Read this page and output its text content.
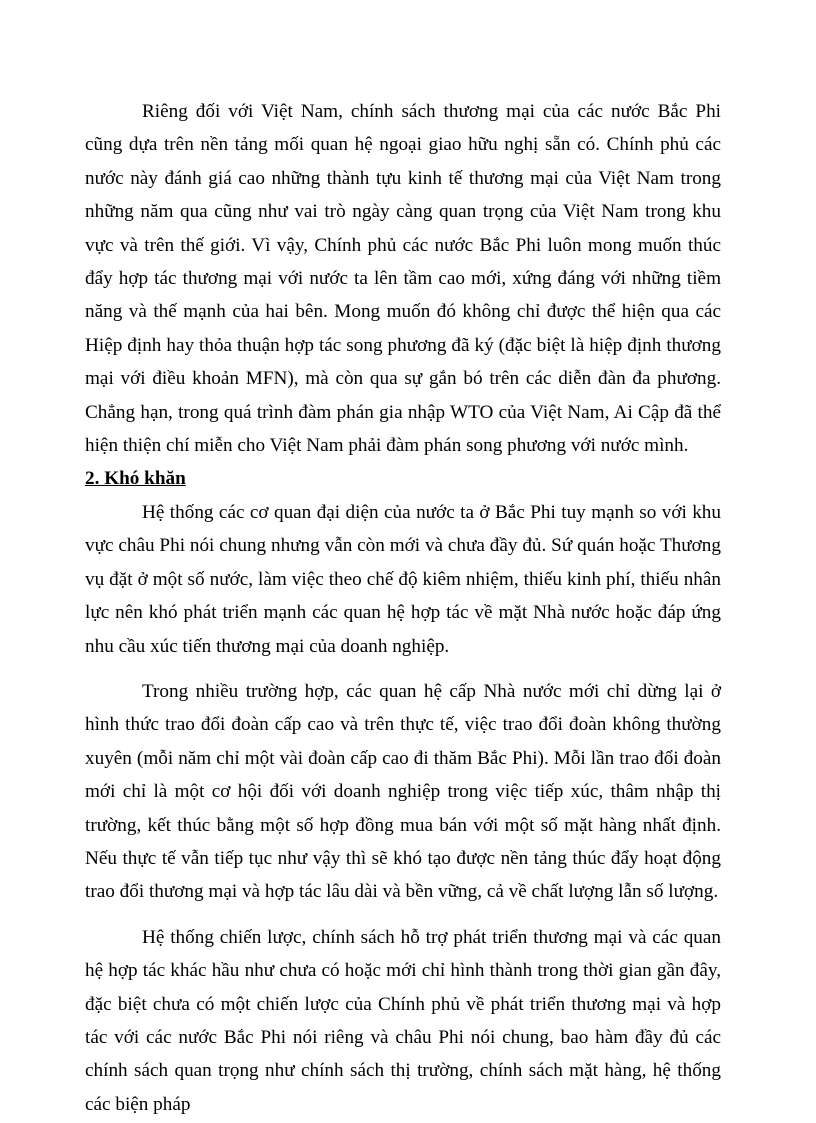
Riêng đối với Việt Nam, chính sách thương mại của các nước Bắc Phi cũng dựa trên nền tảng mối quan hệ ngoại giao hữu nghị sẵn có. Chính phủ các nước này đánh giá cao những thành tựu kinh tế thương mại của Việt Nam trong những năm qua cũng như vai trò ngày càng quan trọng của Việt Nam trong khu vực và trên thế giới. Vì vậy, Chính phủ các nước Bắc Phi luôn mong muốn thúc đẩy hợp tác thương mại với nước ta lên tầm cao mới, xứng đáng với những tiềm năng và thế mạnh của hai bên. Mong muốn đó không chỉ được thể hiện qua các Hiệp định hay thỏa thuận hợp tác song phương đã ký (đặc biệt là hiệp định thương mại với điều khoản MFN), mà còn qua sự gắn bó trên các diễn đàn đa phương. Chẳng hạn, trong quá trình đàm phán gia nhập WTO của Việt Nam, Ai Cập đã thể hiện thiện chí miễn cho Việt Nam phải đàm phán song phương với nước mình.

2. Khó khăn

Hệ thống các cơ quan đại diện của nước ta ở Bắc Phi tuy mạnh so với khu vực châu Phi nói chung nhưng vẫn còn mới và chưa đầy đủ. Sứ quán hoặc Thương vụ đặt ở một số nước, làm việc theo chế độ kiêm nhiệm, thiếu kinh phí, thiếu nhân lực nên khó phát triển mạnh các quan hệ hợp tác về mặt Nhà nước hoặc đáp ứng nhu cầu xúc tiến thương mại của doanh nghiệp.

Trong nhiều trường hợp, các quan hệ cấp Nhà nước mới chỉ dừng lại ở hình thức trao đổi đoàn cấp cao và trên thực tế, việc trao đổi đoàn không thường xuyên (mỗi năm chỉ một vài đoàn cấp cao đi thăm Bắc Phi). Mỗi lần trao đổi đoàn mới chỉ là một cơ hội đối với doanh nghiệp trong việc tiếp xúc, thâm nhập thị trường, kết thúc bằng một số hợp đồng mua bán với một số mặt hàng nhất định. Nếu thực tế vẫn tiếp tục như vậy thì sẽ khó tạo được nền tảng thúc đẩy hoạt động trao đổi thương mại và hợp tác lâu dài và bền vững, cả về chất lượng lẫn số lượng.

Hệ thống chiến lược, chính sách hỗ trợ phát triển thương mại và các quan hệ hợp tác khác hầu như chưa có hoặc mới chỉ hình thành trong thời gian gần đây, đặc biệt chưa có một chiến lược của Chính phủ về phát triển thương mại và hợp tác với các nước Bắc Phi nói riêng và châu Phi nói chung, bao hàm đầy đủ các chính sách quan trọng như chính sách thị trường, chính sách mặt hàng, hệ thống các biện pháp
